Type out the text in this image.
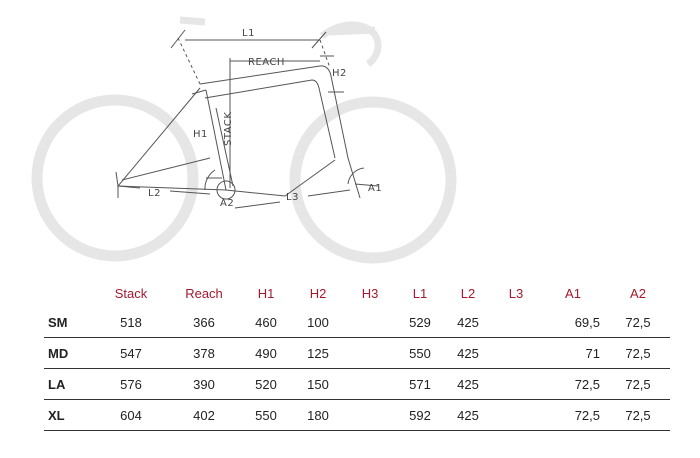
L1
REACH
H2
H1 STACK
L2
A2
L3
A1
	Stack	Reach	H1	H2	H3	L1	L2	L3	A1	A2
SM	518	366	460	100		529	425		69,5	72,5
MD	547	378	490	125		550	425		71	72,5
LA	576	390	520	150		571	425		72,5	72,5
XL	604	402	550	180		592	425		72,5	72,5
